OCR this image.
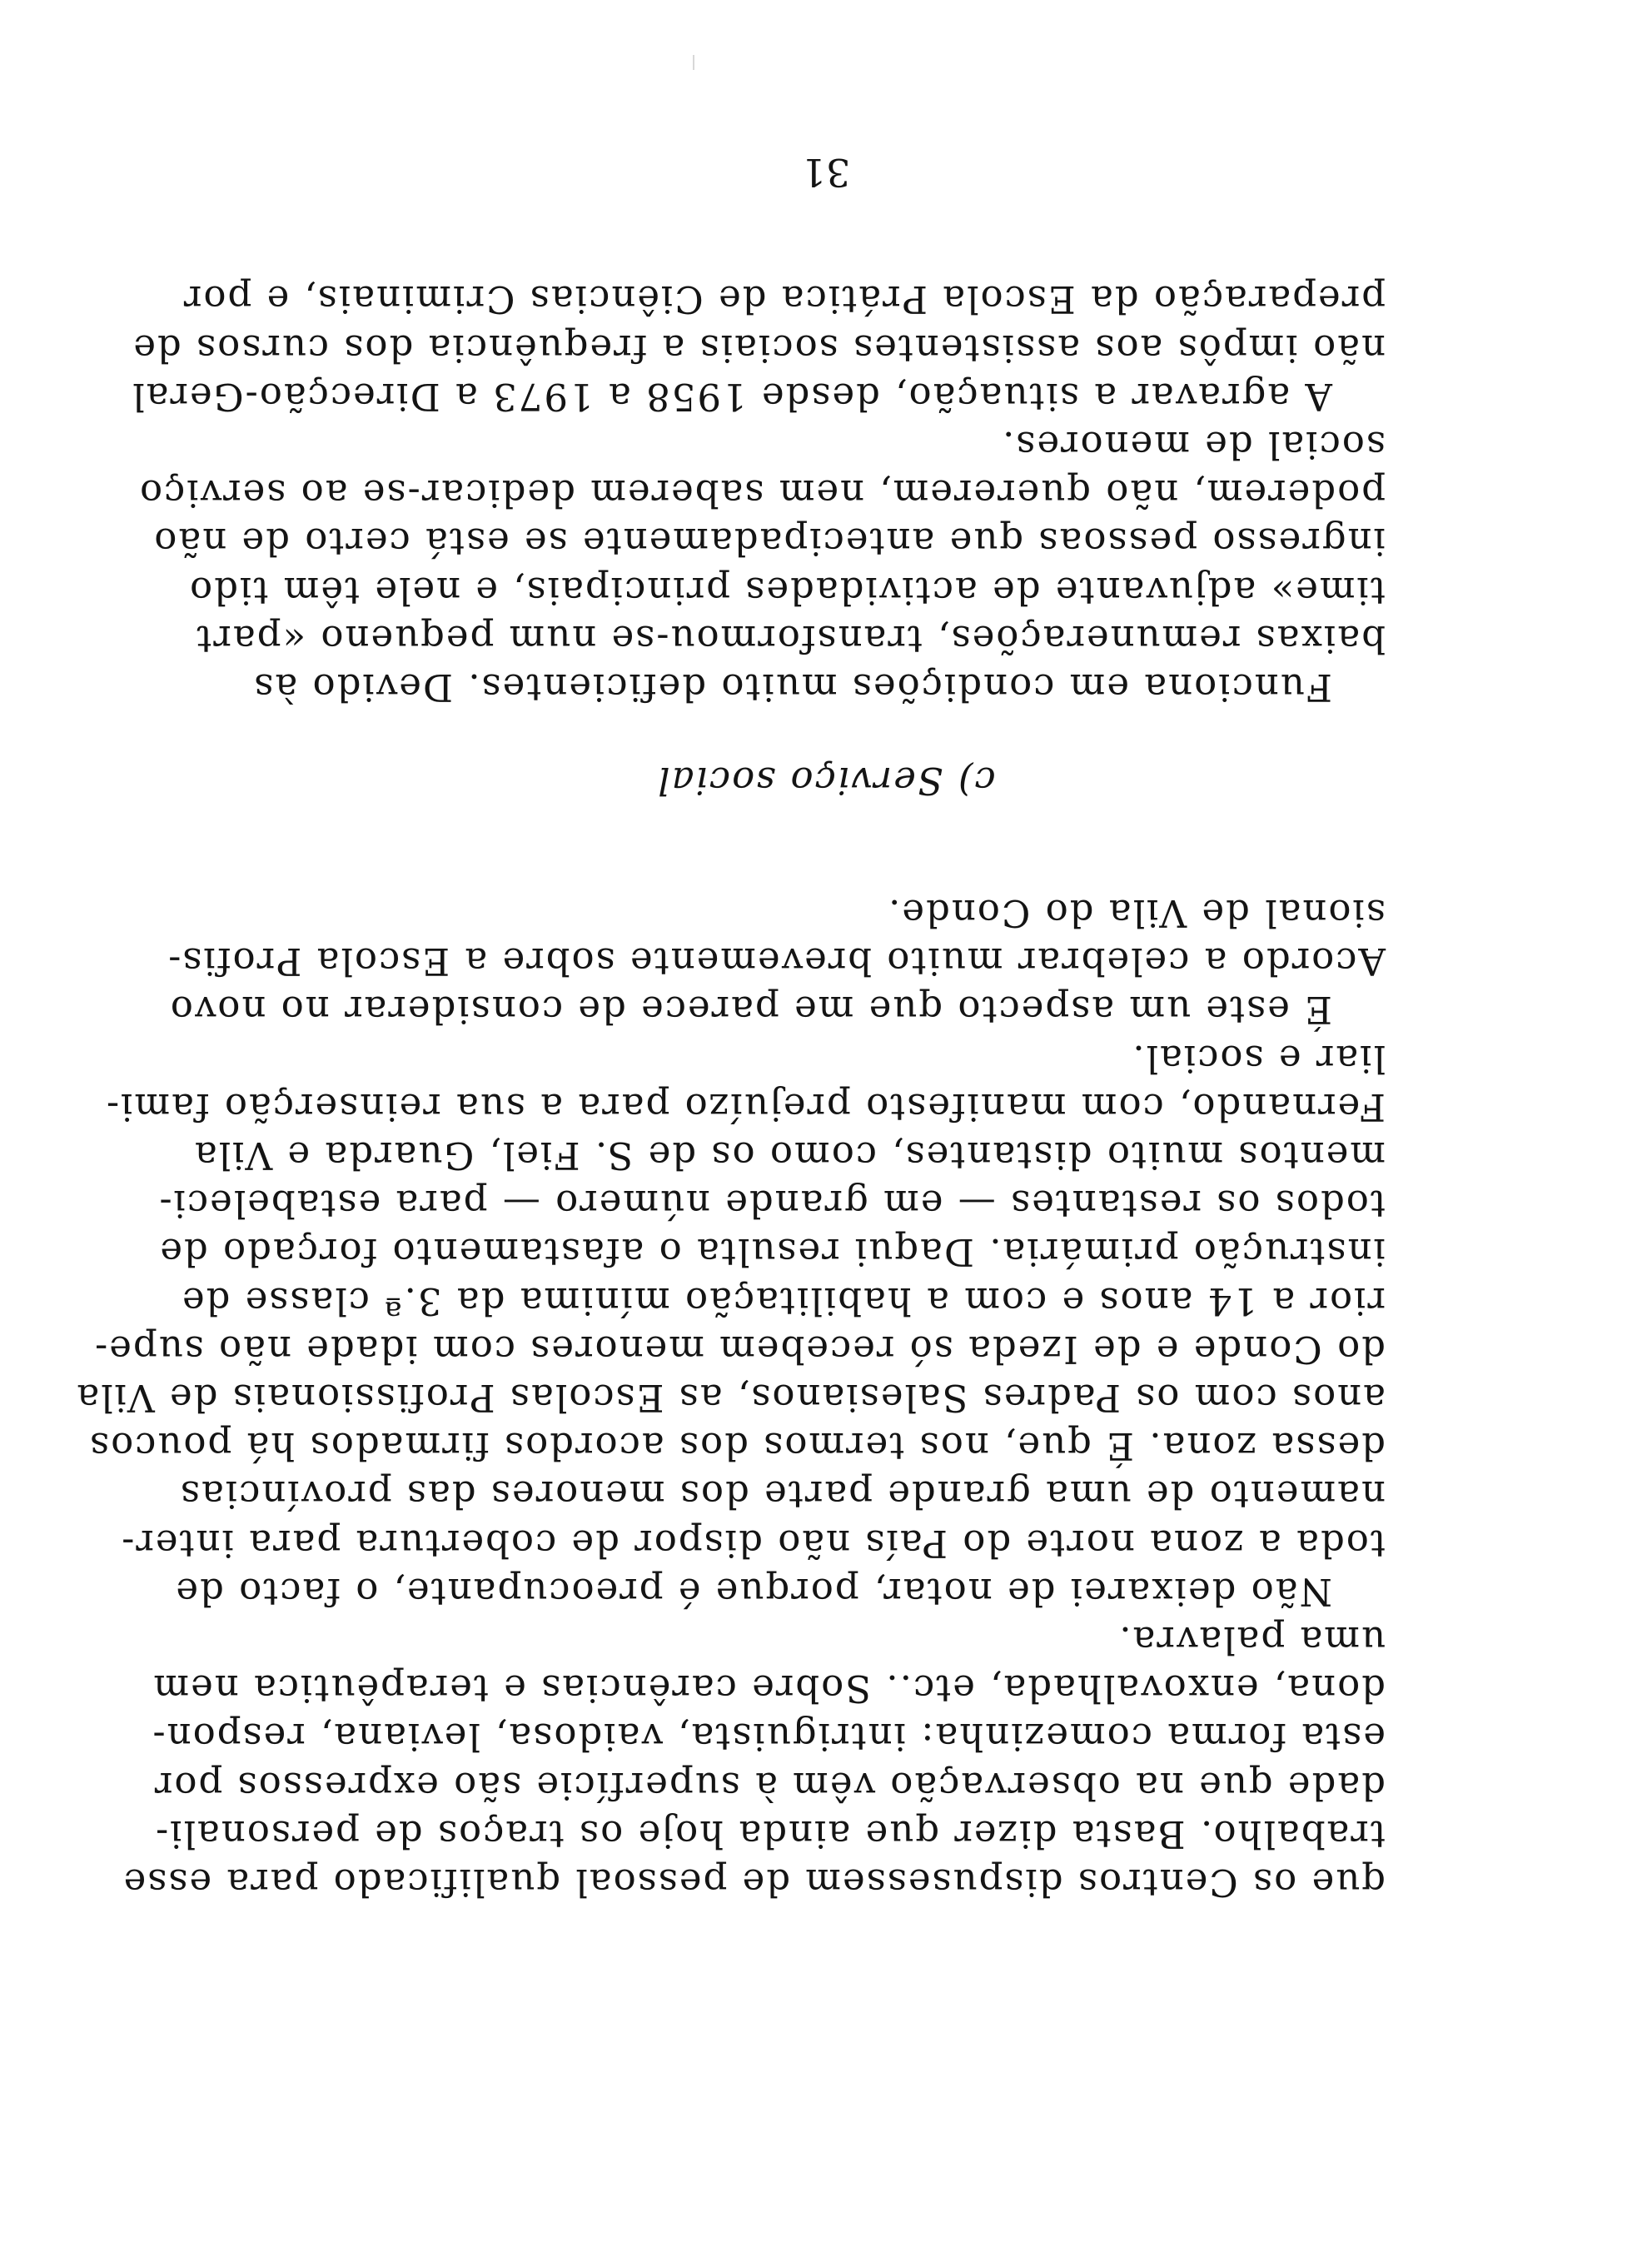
que os Centros dispusessem de pessoal qualificado para esse
trabalho. Basta dizer que ainda hoje os traços de personali-
dade que na observação vêm à superfície são expressos por
esta forma comezinha: intriguista, vaidosa, leviana, respon-
dona, enxovalhada, etc.. Sobre carências e terapêutica nem
uma palavra.
Não deixarei de notar, porque é preocupante, o facto de
toda a zona norte do País não dispor de cobertura para inter-
namento de uma grande parte dos menores das províncias
dessa zona. É que, nos termos dos acordos firmados há poucos
anos com os Padres Salesianos, as Escolas Profissionais de Vila
do Conde e de Izeda só recebem menores com idade não supe-
rior a 14 anos e com a habilitação mínima da 3.ª classe de
instrução primária. Daqui resulta o afastamento forçado de
todos os restantes — em grande número — para estabeleci-
mentos muito distantes, como os de S. Fiel, Guarda e Vila
Fernando, com manifesto prejuízo para a sua reinserção fami-
liar e social.
É este um aspecto que me parece de considerar no novo
Acordo a celebrar muito brevemente sobre a Escola Profis-
sional de Vila do Conde.
c) Serviço social
Funciona em condições muito deficientes. Devido às
baixas remunerações, transformou-se num pequeno «part
time» adjuvante de actividades principais, e nele têm tido
ingresso pessoas que antecipadamente se está certo de não
poderem, não quererem, nem saberem dedicar-se ao serviço
social de menores.
A agravar a situação, desde 1958 a 1973 a Direcção-Geral
não impôs aos assistentes sociais a frequência dos cursos de
preparação da Escola Prática de Ciências Criminais, e por
31
